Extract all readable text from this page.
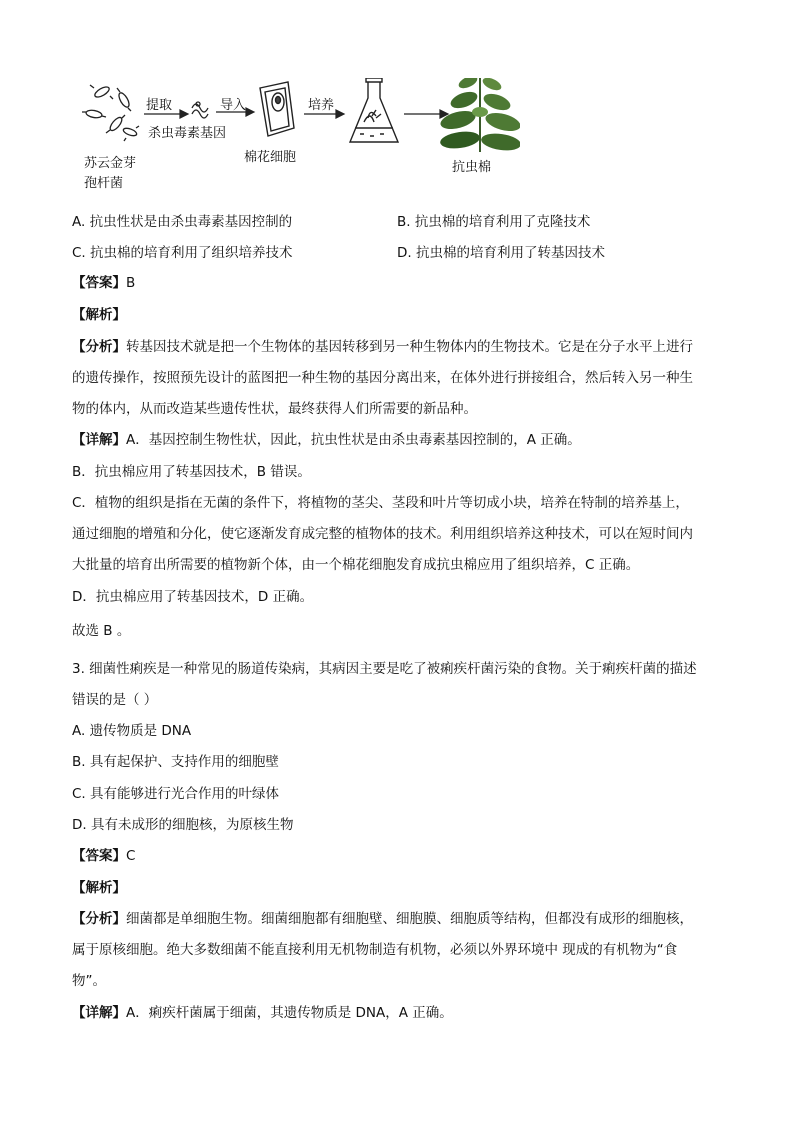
提取
杀虫毒素基因
导入
棉花细胞
培养
抗虫棉
苏云金芽
孢杆菌
A. 抗虫性状是由杀虫毒素基因控制的	B. 抗虫棉的培育利用了克隆技术
C. 抗虫棉的培育利用了组织培养技术	D. 抗虫棉的培育利用了转基因技术
【答案】B
【解析】
【分析】转基因技术就是把一个生物体的基因转移到另一种生物体内的生物技术。它是在分子水平上进行
的遗传操作，按照预先设计的蓝图把一种生物的基因分离出来，在体外进行拼接组合，然后转入另一种生
物的体内，从而改造某些遗传性状，最终获得人们所需要的新品种。
【详解】A．基因控制生物性状，因此，抗虫性状是由杀虫毒素基因控制的，A 正确。
B．抗虫棉应用了转基因技术，B 错误。
C．植物的组织是指在无菌的条件下，将植物的茎尖、茎段和叶片等切成小块，培养在特制的培养基上，
通过细胞的增殖和分化，使它逐渐发育成完整的植物体的技术。利用组织培养这种技术，可以在短时间内
大批量的培育出所需要的植物新个体，由一个棉花细胞发育成抗虫棉应用了组织培养，C 正确。
D．抗虫棉应用了转基因技术，D 正确。
故选 B 。
3. 细菌性痢疾是一种常见的肠道传染病，其病因主要是吃了被痢疾杆菌污染的食物。关于痢疾杆菌的描述
错误的是（ ）
A. 遗传物质是 DNA
B. 具有起保护、支持作用的细胞壁
C. 具有能够进行光合作用的叶绿体
D. 具有未成形的细胞核，为原核生物
【答案】C
【解析】
【分析】细菌都是单细胞生物。细菌细胞都有细胞壁、细胞膜、细胞质等结构，但都没有成形的细胞核，
属于原核细胞。绝大多数细菌不能直接利用无机物制造有机物，必须以外界环境中 现成的有机物为“食
物”。
【详解】A．痢疾杆菌属于细菌，其遗传物质是 DNA，A 正确。
